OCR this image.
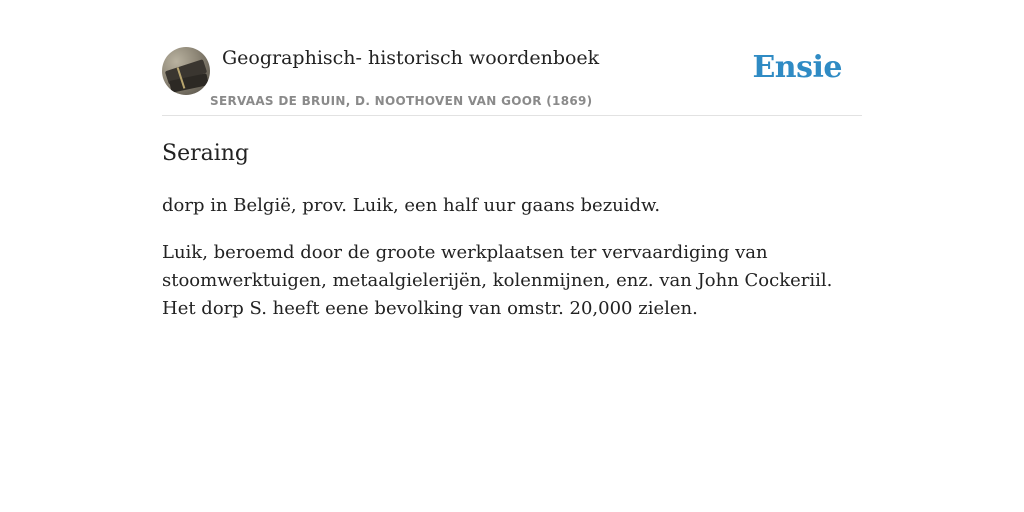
Geographisch- historisch woordenboek
SERVAAS DE BRUIN, D. NOOTHOVEN VAN GOOR (1869)
Ensie
Seraing

dorp in België, prov. Luik, een half uur gaans bezuidw.

Luik, beroemd door de groote werkplaatsen ter vervaardiging van stoomwerktuigen, metaalgielerijën, kolenmijnen, enz. van John Cockeriil. Het dorp S. heeft eene bevolking van omstr. 20,000 zielen.
